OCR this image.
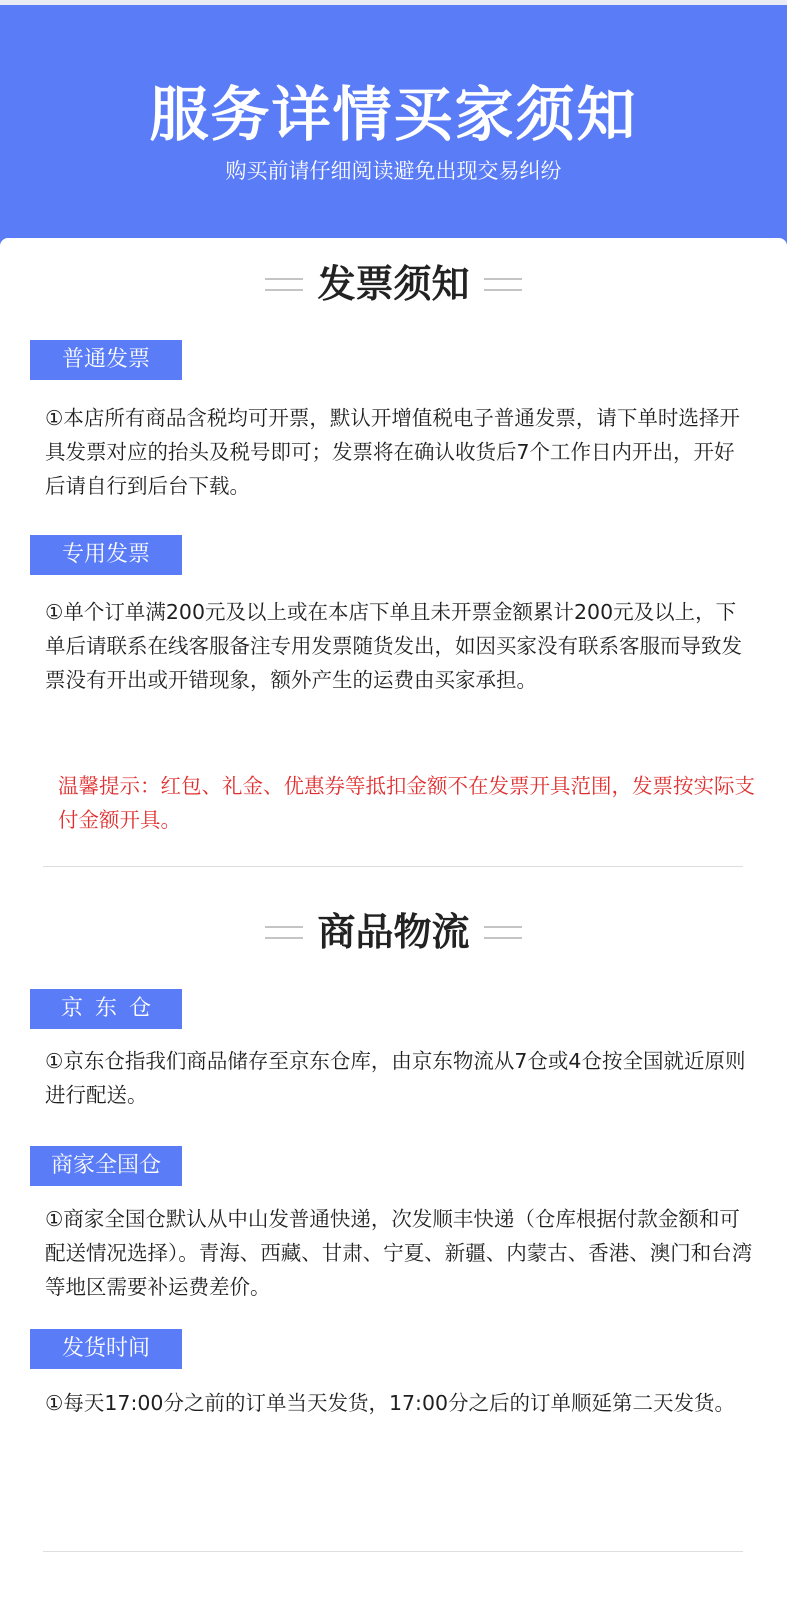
服务详情买家须知
购买前请仔细阅读避免出现交易纠纷
发票须知
普通发票
①本店所有商品含税均可开票，默认开增值税电子普通发票，请下单时选择开具发票对应的抬头及税号即可；发票将在确认收货后7个工作日内开出，开好后请自行到后台下载。
专用发票
①单个订单满200元及以上或在本店下单且未开票金额累计200元及以上，下单后请联系在线客服备注专用发票随货发出，如因买家没有联系客服而导致发票没有开出或开错现象，额外产生的运费由买家承担。
温馨提示：红包、礼金、优惠券等抵扣金额不在发票开具范围，发票按实际支付金额开具。
商品物流
京东仓
①京东仓指我们商品储存至京东仓库，由京东物流从7仓或4仓按全国就近原则进行配送。
商家全国仓
①商家全国仓默认从中山发普通快递，次发顺丰快递（仓库根据付款金额和可配送情况选择）。青海、西藏、甘肃、宁夏、新疆、内蒙古、香港、澳门和台湾等地区需要补运费差价。
发货时间
①每天17:00分之前的订单当天发货，17:00分之后的订单顺延第二天发货。
